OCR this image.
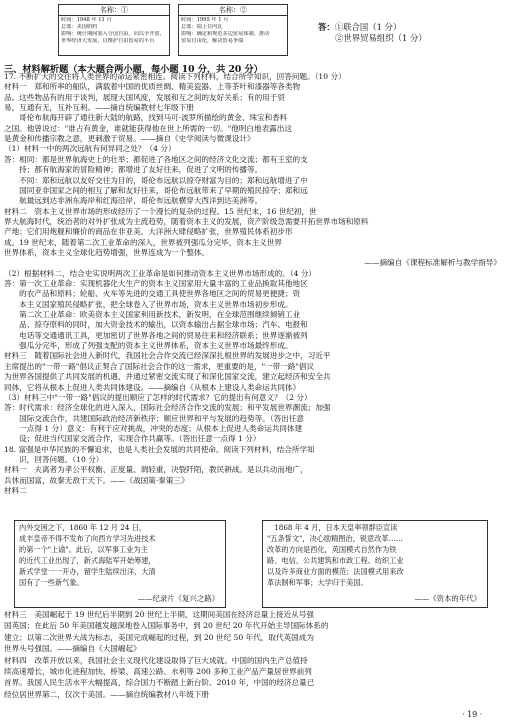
名称：①
时间：1948 年 11 月
总部：美国纽约
影响：统计期间加入分国自由，向以全开放，
世界经济大发展，以维护自由贸易的平台
名称：②
时间：1995 年 1 月
总部：瑞士日内瓦
影响：确定和规范多边贸易体制，推动
贸易自由化，解决贸易争端
答：①联合国（1 分）
②世界贸易组织（1 分）
三、材料解析题（本大题合两小题，每小题 10 分，共 20 分）
17. 不断扩大的交往将人类世界的命运紧密相连。阅读下列材料，结合所学知识，回答问题。（10 分）
材料一　郑和所率的船队，满载着中国的优质丝绸、精美瓷器、上等茶叶和漆器等各类物
品。这些物品有的用于谈判，展现大国风度，发展和互之间的友好关系；有的用于贸
易，互通有无，互补互利。——摘自统编教材七年级下册
　　哥伦布航海开辟了通往新大陆的航路，找到马可·波罗所描绘的黄金、珠宝和香料
之国。他曾说过："谁占有黄金，谁就能获得他在世上所需的一切。"他明白地表露出这
是黄金和传播宗教之意，更刺激于贸易。——摘自《史学阅读与微课设计》
（1）材料一中的两次远航有何异同之处？（4 分）
答：相同：都是世界航海史上的壮举；都促进了各地区之间的经济文化交流；都有王室的支
　　持；都有航海家的冒险精神；都增进了友好往来，促进了文明的传播等。
　　不同：郑和远航以友好交往为目的，哥伦布远航以掠夺财富为目的；郑和远航增进了中
　　国同亚非国家之间的相互了解和友好往来，哥伦布远航带来了早期的殖民掠夺；郑和远
　　航最远到达非洲东海岸和红海沿岸，哥伦布远航横穿大西洋到达美洲等。
材料二　资本主义世界市场的形成经历了一个漫长的复杂的过程。15 世纪末，16 世纪初，世
界大航海时代，统治者的对外扩张成为主流趋势，随着资本主义的发展，资产阶级急需要开拓世界市场和原料
产地；它们用炮舰和廉价的商品在非亚美，大洋洲大肆侵略扩张，世界殖民体系初步形
成。19 世纪末，随着第二次工业革命的深入，世界被列强瓜分完毕，资本主义世界
世界体系，资本主义全球化趋势增强，世界连成为一个整体。
——摘编自《课程标准解析与教学指导》
（2）根据材料二，结合史实说明两次工业革命是如何推动资本主义世界市场形成的。（4 分）
答：第一次工业革命：实现机器化大生产的资本主义国家用大量丰富的工业品换取其他地区
　　的农产品和原料；轮船、火车等先进的交通工具使世界各地区之间的贸易更便捷；资
　　本主义国家殖民侵略扩张，把全球卷入了世界市场，资本主义世界市场初步形成。
　　第二次工业革命：欧美资本主义国家利用新技术，新发明，在全球范围继续倾销工业
　　品、掠夺原料的同时，加大资金技术的输出，以资本输出占据全球市场；汽车、电报和
　　电话等交通通讯工具，更加密切了世界各地之间的贸易往来和经济联系；世界逐渐被列
　　强瓜分完毕，形成了列强支配的资本主义世界体系，资本主义世界市场最终形成。
材料三　随着国际社会进入新时代，我国社会合作交流已经深深扎根世界的发展进步之中，习近平
主席提出的"一带一路"倡议正契合了国际社会合作的这一需求，更重要的是，"一带一路"倡议
为世界各国提供了共同发展的机遇，并通过紧密交流实现了和深化国家交流，建立起经济和安全共
同体，它将从根本上促进人类共同体建设。——摘编自《从根本上建设人类命运共同体》
（3）材料三中"一带一路"倡议的提出顺应了怎样的时代需求？它的提出有何意义？（2 分）
答：时代需求：经济全球化的进入深入，国际社会经济合作交流的发展；和平发展世界潮流；加强
　　国际交流合作，共建国际政治经济新秩序；顺应世界和平与发展的趋势等。（答出任意
　　一点得 1 分）意义：有利于应对挑战，冲突的态度；从根本上促进人类命运共同体建
　　设；促进当代国家交流合作，实现合作共赢等。（答出任意一点得 1 分）
18. 富强是中华民族的不懈追求，也是人类社会发展的共同使命。阅读下列材料，结合所学知
　　识，回答问题。（10 分）
材料一　夫离者为孝公平权衡、正度量、调轻重，决裂阡陌，教民耕战。是以兵动而地广，
兵休而国富，故秦无敌于天下。——《战国策·秦策三》
材料二
内外交困之下，1860 年 12 月 24 日，
成丰皇帝不得不发布了向西方学习先进技术
的第一个"上谕"。此后，以军事工业为主
的近代工业出现了，新式海陆军开始筹建，
新式学堂一一开办，留学生陆续出洋，大清
国有了一些新气象。
——纪录片《复兴之路》
　1868 年 4 月，日本天皇率领群臣宣读
"五条誓文"，决心励精图治，锐意改革……
改革的方向是西化，英国模式自然作为铁
路、电信、公共建筑和市政工程、纺织工业
以及许多商业方面的模范；法国模式用来改
革法制和军事；大学归于美国。
——《资本的年代》
材料三　美国崛起于 19 世纪后半期到 20 世纪上半期，这期间美国在经济总量上接近从号强
国英国；在此后 50 年美国越发越深地卷入国际事务中，到 20 世纪 20 年代开始主导国际体系的
建立；以第二次世界大战为标志，美国完成崛起的过程，到 20 世纪 50 年代，取代英国成为
世界头号强国。——摘编自《大国崛起》
材料四　改革开放以来，我国社会主义现代化建设取得了巨大成就。中国的国内生产总值持
续高速增长，城市化进程加快、桥梁、高速公路、水利等 200 多种工业产品产量居世界前列
首界。我国人民生活水平大幅提高，综合国力不断踏上新台阶。2010 年，中国的经济总量已
经位居世界第二，仅次于美国。——摘自统编教材八年级下册
· 19 ·
